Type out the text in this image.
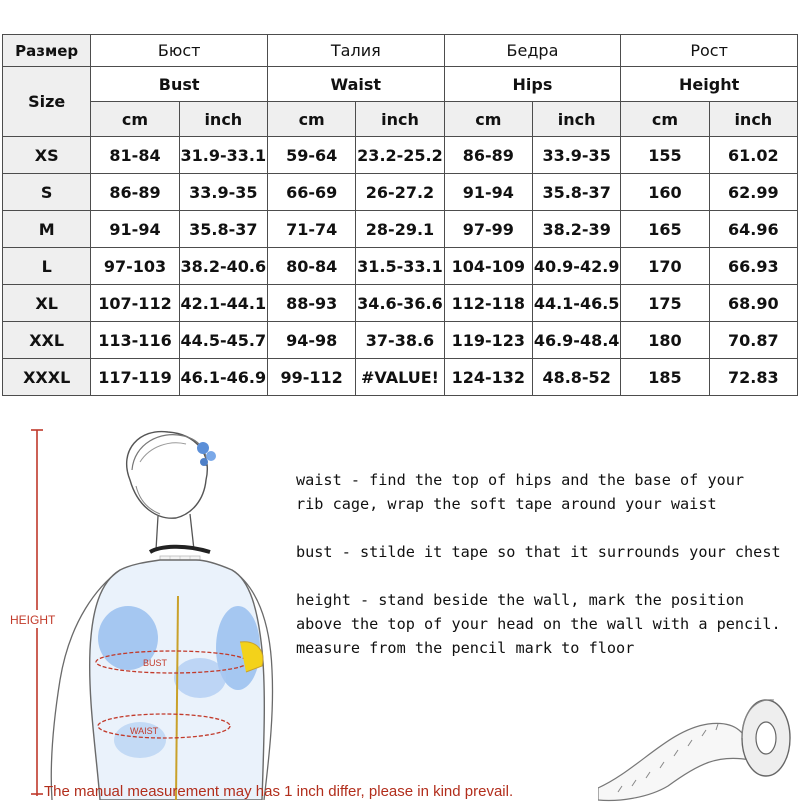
Размер	Бюст		Талия		Бедра		Рост	
Size	Bust		Waist		Hips		Height	
	cm	inch	cm	inch	cm	inch	cm	inch
XS	81-84	31.9-33.1	59-64	23.2-25.2	86-89	33.9-35	155	61.02
S	86-89	33.9-35	66-69	26-27.2	91-94	35.8-37	160	62.99
M	91-94	35.8-37	71-74	28-29.1	97-99	38.2-39	165	64.96
L	97-103	38.2-40.6	80-84	31.5-33.1	104-109	40.9-42.9	170	66.93
XL	107-112	42.1-44.1	88-93	34.6-36.6	112-118	44.1-46.5	175	68.90
XXL	113-116	44.5-45.7	94-98	37-38.6	119-123	46.9-48.4	180	70.87
XXXL	117-119	46.1-46.9	99-112	#VALUE!	124-132	48.8-52	185	72.83
HEIGHT
BUST
WAIST

waist - find the top of hips and the base of your
rib cage, wrap the soft tape around your waist

bust - stilde it tape so that it surrounds your chest

height - stand beside the wall, mark the position
above the top of your head on the wall with a pencil.
measure from the pencil mark to floor

The manual measurement may has 1 inch differ, please in kind prevail.
